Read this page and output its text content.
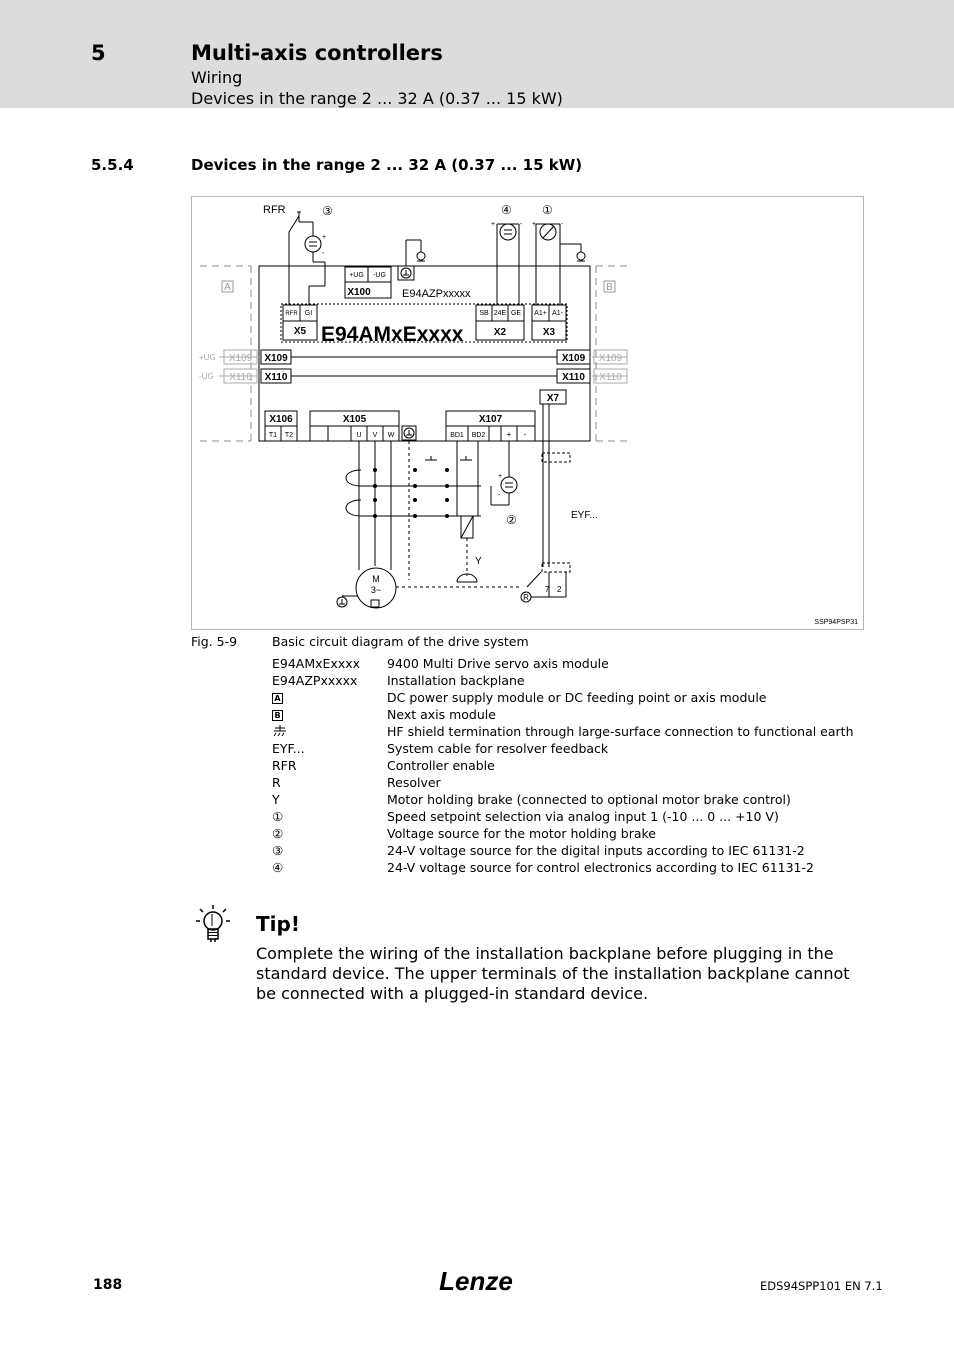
5	Multi-axis controllers
Wiring
Devices in the range 2 ... 32 A (0.37 ... 15 kW)
5.5.4	Devices in the range 2 ... 32 A (0.37 ... 15 kW)
A	B
+UG -UG
X100	E94AZPxxxxx
RFR GI
X5 E94AMxExxxx
SB 24E GE
X2
A1+ A1-
X3
+UG
-UG
X109
X110
X109
X110
X109
X110
X109
X110
X7
X106
T1 T2
X105
U V W
X107
BD1 BD2	+ -
RFR	③
+
-
④
+	-
①
+	-
M
3~
Y
+
-
②
R
EYF...
7 2
SSP94PSP31
Fig. 5-9	Basic circuit diagram of the drive system
E94AMxExxxx 9400 Multi Drive servo axis module
E94AZPxxxxx Installation backplane
A	DC power supply module or DC feeding point or axis module
B	Next axis module
HF shield termination through large-surface connection to functional earth
EYF...	System cable for resolver feedback
RFR	Controller enable
R	Resolver
Y	Motor holding brake (connected to optional motor brake control)
①	Speed setpoint selection via analog input 1 (-10 ... 0 ... +10 V)
②	Voltage source for the motor holding brake
③	24-V voltage source for the digital inputs according to IEC 61131-2
④	24-V voltage source for control electronics according to IEC 61131-2
Tip!
Complete the wiring of the installation backplane before plugging in the standard device. The upper terminals of the installation backplane cannot be connected with a plugged-in standard device.
188	Lenze	EDS94SPP101 EN 7.1
